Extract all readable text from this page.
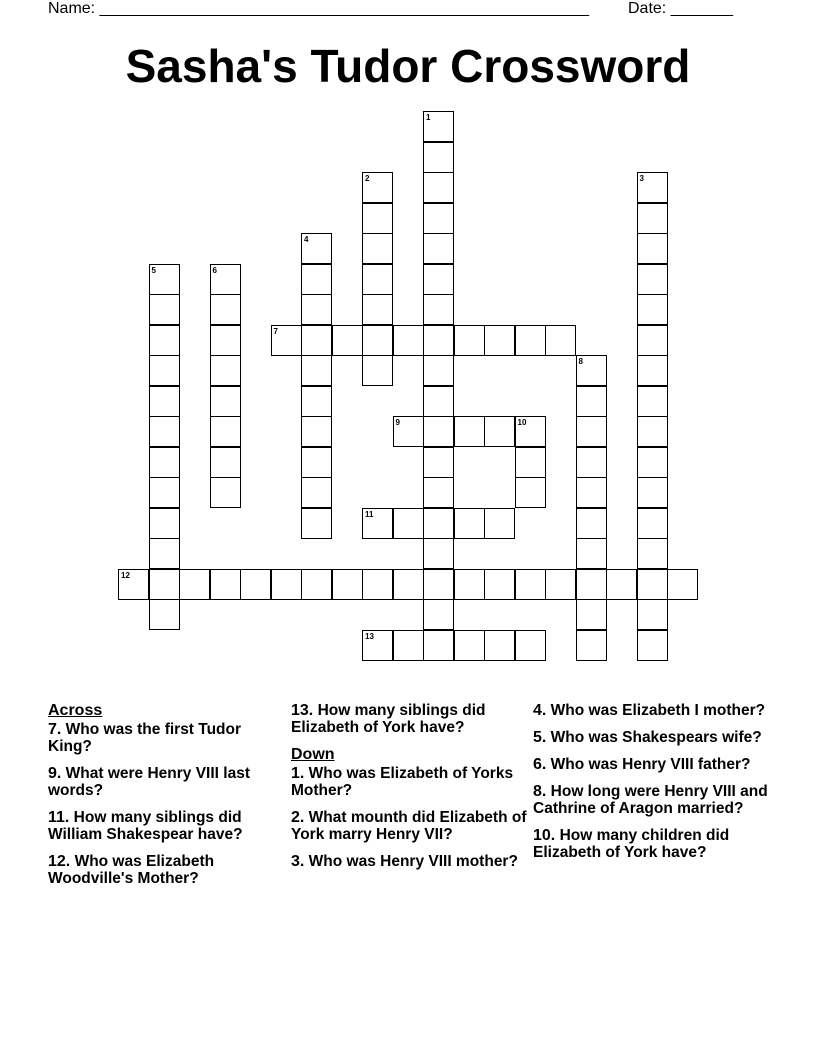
Name: _______________________________________________________ Date: _______
Sasha's Tudor Crossword
1
2	3
4
5	6
7
8
9	10
11
12
13
Across
7. Who was the first Tudor King?
9. What were Henry VIII last words?
11. How many siblings did William Shakespear have?
12. Who was Elizabeth Woodville's Mother?
13. How many siblings did Elizabeth of York have?
Down
1. Who was Elizabeth of Yorks Mother?
2. What mounth did Elizabeth of York marry Henry VII?
3. Who was Henry VIII mother?
4. Who was Elizabeth I mother?
5. Who was Shakespears wife?
6. Who was Henry VIII father?
8. How long were Henry VIII and Cathrine of Aragon married?
10. How many children did Elizabeth of York have?
